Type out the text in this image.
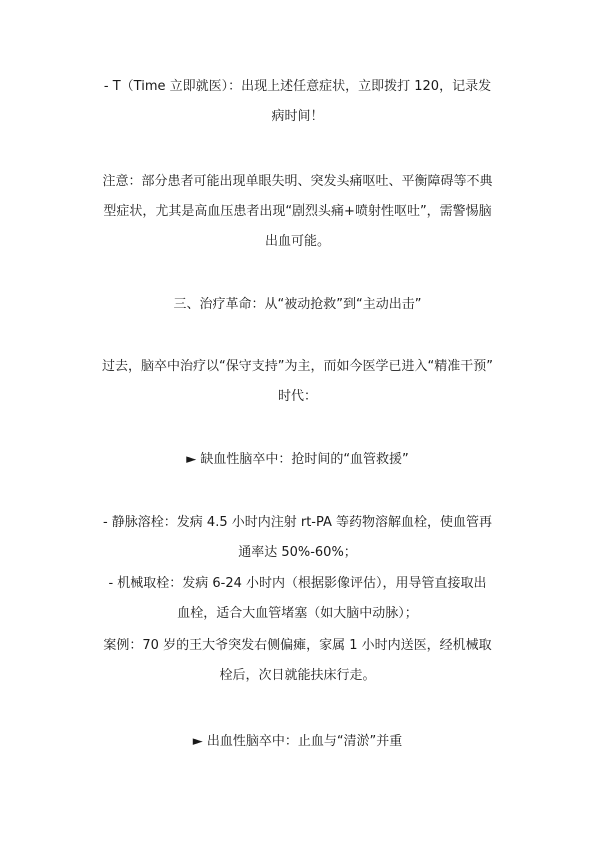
- T（Time 立即就医）：出现上述任意症状，立即拨打 120，记录发
病时间！
注意：部分患者可能出现单眼失明、突发头痛呕吐、平衡障碍等不典
型症状，尤其是高血压患者出现“剧烈头痛+喷射性呕吐”，需警惕脑
出血可能。
三、治疗革命：从“被动抢救”到“主动出击”
过去，脑卒中治疗以“保守支持”为主，而如今医学已进入“精准干预”
时代：
► 缺血性脑卒中：抢时间的“血管救援”
- 静脉溶栓：发病 4.5 小时内注射 rt-PA 等药物溶解血栓，使血管再
通率达 50%-60%；
- 机械取栓：发病 6-24 小时内（根据影像评估），用导管直接取出
血栓，适合大血管堵塞（如大脑中动脉）；
案例：70 岁的王大爷突发右侧偏瘫，家属 1 小时内送医，经机械取
栓后，次日就能扶床行走。
► 出血性脑卒中：止血与“清淤”并重
